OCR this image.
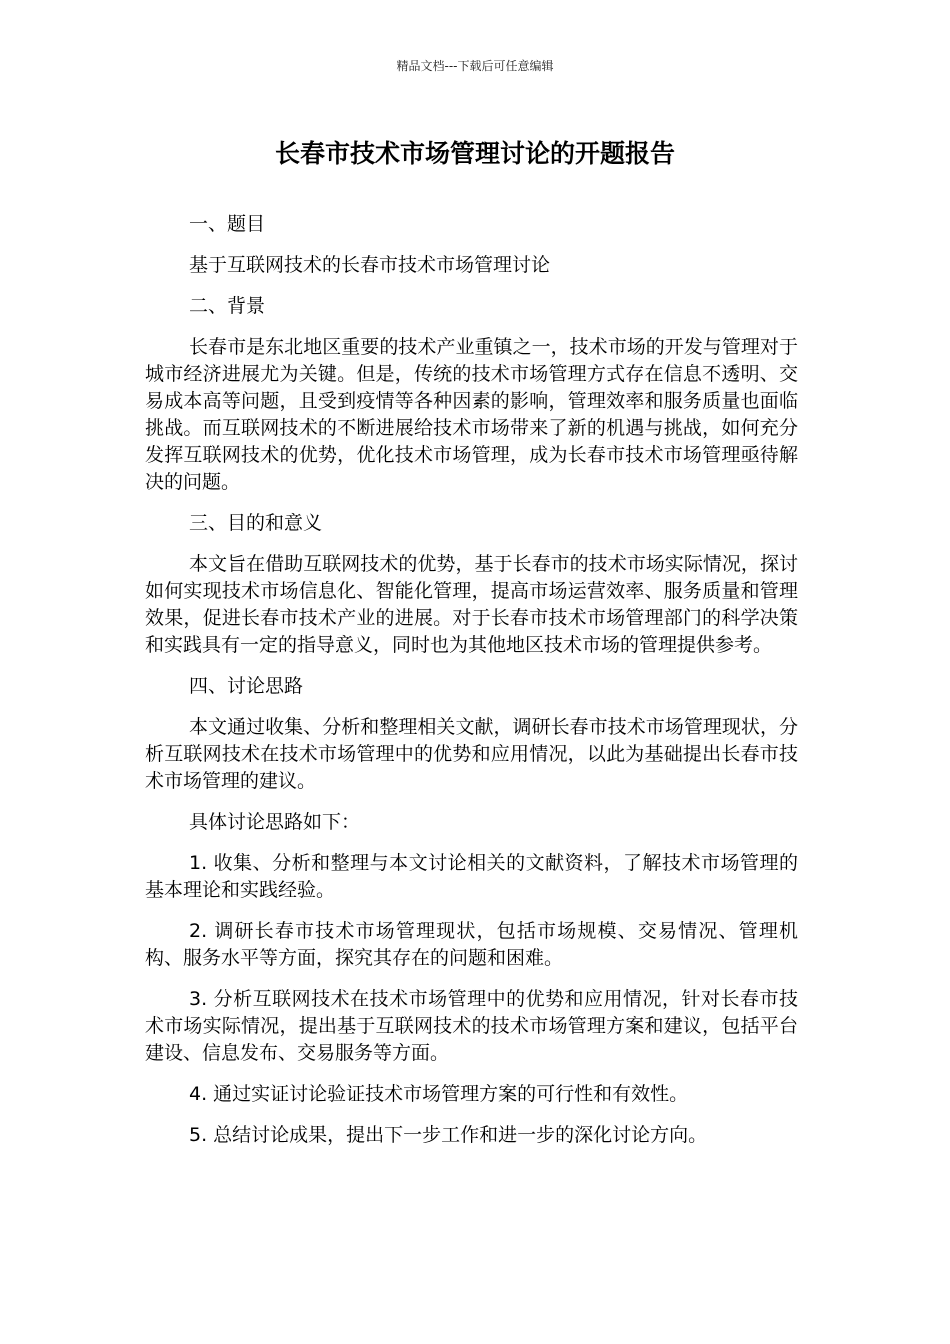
精品文档---下载后可任意编辑
长春市技术市场管理讨论的开题报告

一、题目

基于互联网技术的长春市技术市场管理讨论

二、背景

长春市是东北地区重要的技术产业重镇之一，技术市场的开发与管理对于城市经济进展尤为关键。但是，传统的技术市场管理方式存在信息不透明、交易成本高等问题，且受到疫情等各种因素的影响，管理效率和服务质量也面临挑战。而互联网技术的不断进展给技术市场带来了新的机遇与挑战，如何充分发挥互联网技术的优势，优化技术市场管理，成为长春市技术市场管理亟待解决的问题。

三、目的和意义

本文旨在借助互联网技术的优势，基于长春市的技术市场实际情况，探讨如何实现技术市场信息化、智能化管理，提高市场运营效率、服务质量和管理效果，促进长春市技术产业的进展。对于长春市技术市场管理部门的科学决策和实践具有一定的指导意义，同时也为其他地区技术市场的管理提供参考。

四、讨论思路

本文通过收集、分析和整理相关文献，调研长春市技术市场管理现状，分析互联网技术在技术市场管理中的优势和应用情况，以此为基础提出长春市技术市场管理的建议。

具体讨论思路如下：

1. 收集、分析和整理与本文讨论相关的文献资料，了解技术市场管理的基本理论和实践经验。

2. 调研长春市技术市场管理现状，包括市场规模、交易情况、管理机构、服务水平等方面，探究其存在的问题和困难。

3. 分析互联网技术在技术市场管理中的优势和应用情况，针对长春市技术市场实际情况，提出基于互联网技术的技术市场管理方案和建议，包括平台建设、信息发布、交易服务等方面。

4. 通过实证讨论验证技术市场管理方案的可行性和有效性。

5. 总结讨论成果，提出下一步工作和进一步的深化讨论方向。
